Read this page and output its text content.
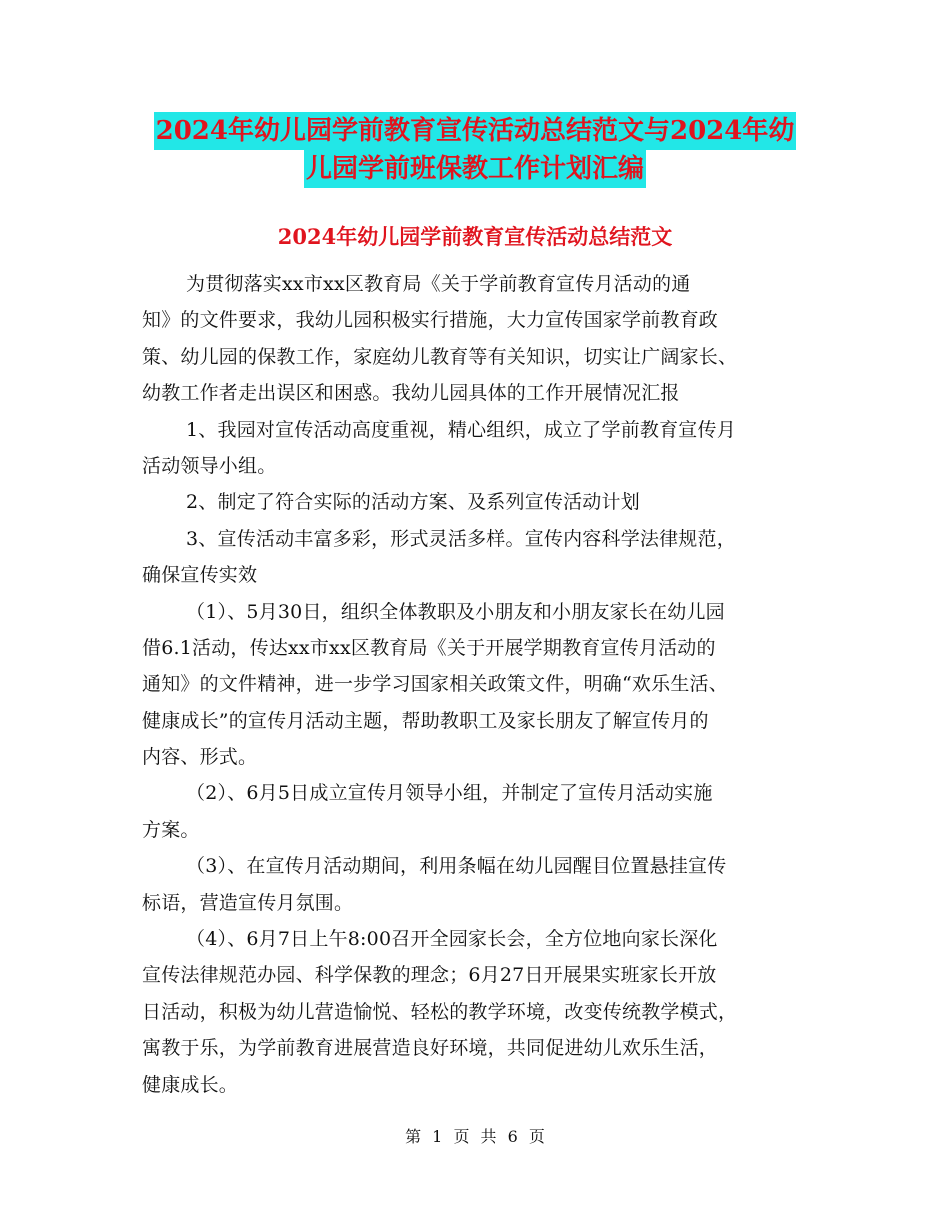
2024年幼儿园学前教育宣传活动总结范文与2024年幼
儿园学前班保教工作计划汇编
2024年幼儿园学前教育宣传活动总结范文
为贯彻落实xx市xx区教育局《关于学前教育宣传月活动的通
知》的文件要求，我幼儿园积极实行措施，大力宣传国家学前教育政
策、幼儿园的保教工作，家庭幼儿教育等有关知识，切实让广阔家长、
幼教工作者走出误区和困惑。我幼儿园具体的工作开展情况汇报
1、我园对宣传活动高度重视，精心组织，成立了学前教育宣传月
活动领导小组。
2、制定了符合实际的活动方案、及系列宣传活动计划
3、宣传活动丰富多彩，形式灵活多样。宣传内容科学法律规范，
确保宣传实效
（1）、5月30日，组织全体教职及小朋友和小朋友家长在幼儿园
借6.1活动，传达xx市xx区教育局《关于开展学期教育宣传月活动的
通知》的文件精神，进一步学习国家相关政策文件，明确“欢乐生活、
健康成长”的宣传月活动主题，帮助教职工及家长朋友了解宣传月的
内容、形式。
（2）、6月5日成立宣传月领导小组，并制定了宣传月活动实施
方案。
（3）、在宣传月活动期间，利用条幅在幼儿园醒目位置悬挂宣传
标语，营造宣传月氛围。
（4）、6月7日上午8:00召开全园家长会，全方位地向家长深化
宣传法律规范办园、科学保教的理念；6月27日开展果实班家长开放
日活动，积极为幼儿营造愉悦、轻松的教学环境，改变传统教学模式，
寓教于乐，为学前教育进展营造良好环境，共同促进幼儿欢乐生活，
健康成长。
第 1 页 共 6 页
